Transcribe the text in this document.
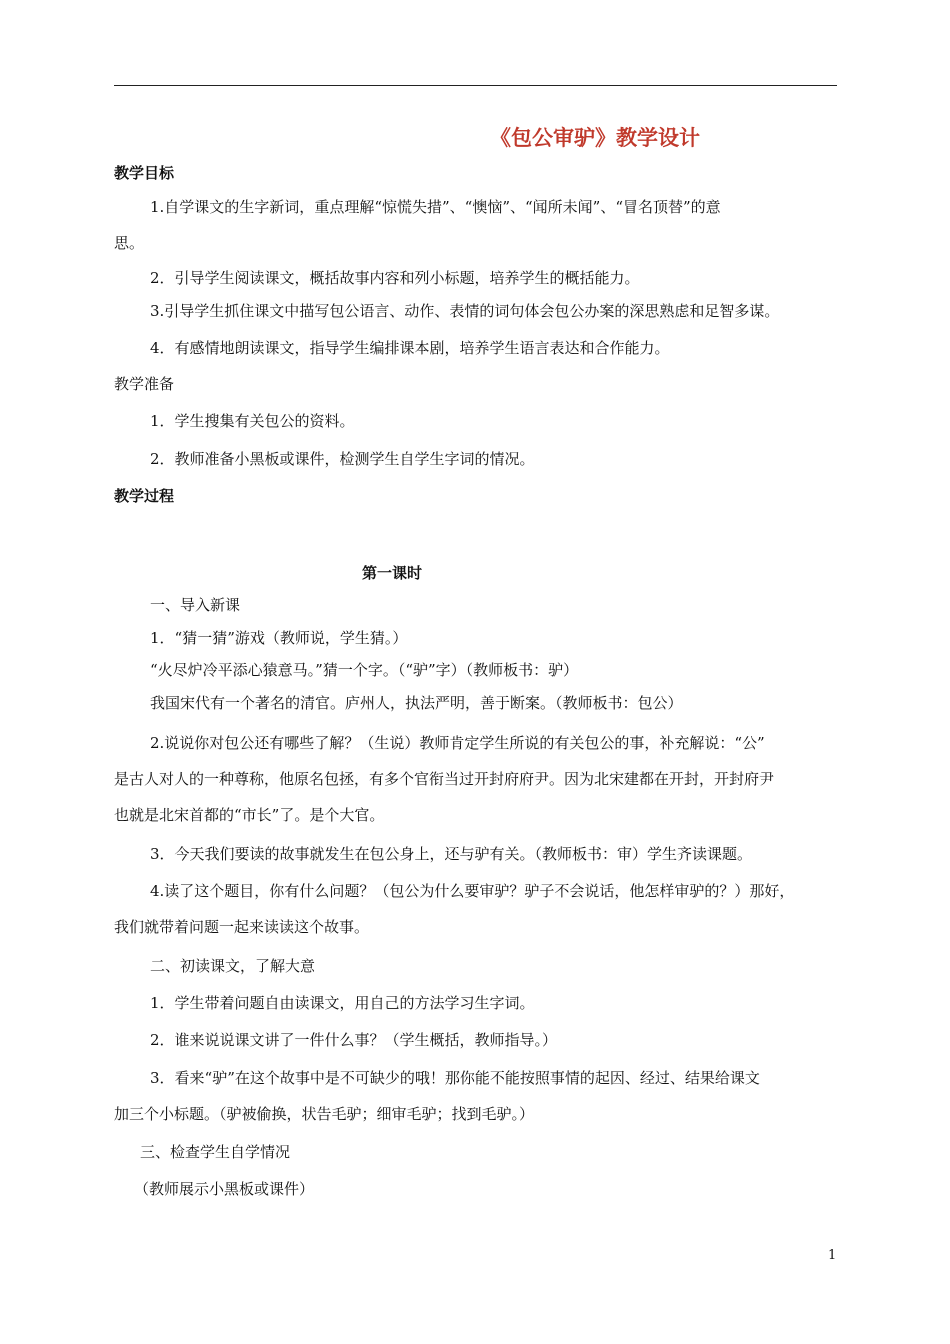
《包公审驴》教学设计
教学目标
1.自学课文的生字新词，重点理解“惊慌失措”、“懊恼”、“闻所未闻”、“冒名顶替”的意
思。
2．引导学生阅读课文，概括故事内容和列小标题，培养学生的概括能力。
3.引导学生抓住课文中描写包公语言、动作、表情的词句体会包公办案的深思熟虑和足智多谋。
4．有感情地朗读课文，指导学生编排课本剧，培养学生语言表达和合作能力。
教学准备
1．学生搜集有关包公的资料。
2．教师准备小黑板或课件，检测学生自学生字词的情况。
教学过程
第一课时
一、导入新课
1．“猜一猜”游戏（教师说，学生猜。）
“火尽炉冷平添心猿意马。”猜一个字。（“驴”字）（教师板书：驴）
我国宋代有一个著名的清官。庐州人，执法严明，善于断案。（教师板书：包公）
2.说说你对包公还有哪些了解？（生说）教师肯定学生所说的有关包公的事，补充解说：“公”
是古人对人的一种尊称，他原名包拯，有多个官衔当过开封府府尹。因为北宋建都在开封，开封府尹
也就是北宋首都的“市长”了。是个大官。
3．今天我们要读的故事就发生在包公身上，还与驴有关。（教师板书：审）学生齐读课题。
4.读了这个题目，你有什么问题？（包公为什么要审驴？驴子不会说话，他怎样审驴的？）那好，
我们就带着问题一起来读读这个故事。
二、初读课文，了解大意
1．学生带着问题自由读课文，用自己的方法学习生字词。
2．谁来说说课文讲了一件什么事？（学生概括，教师指导。）
3．看来“驴”在这个故事中是不可缺少的哦！那你能不能按照事情的起因、经过、结果给课文
加三个小标题。（驴被偷换，状告毛驴；细审毛驴；找到毛驴。）
三、检查学生自学情况
（教师展示小黑板或课件）
1
